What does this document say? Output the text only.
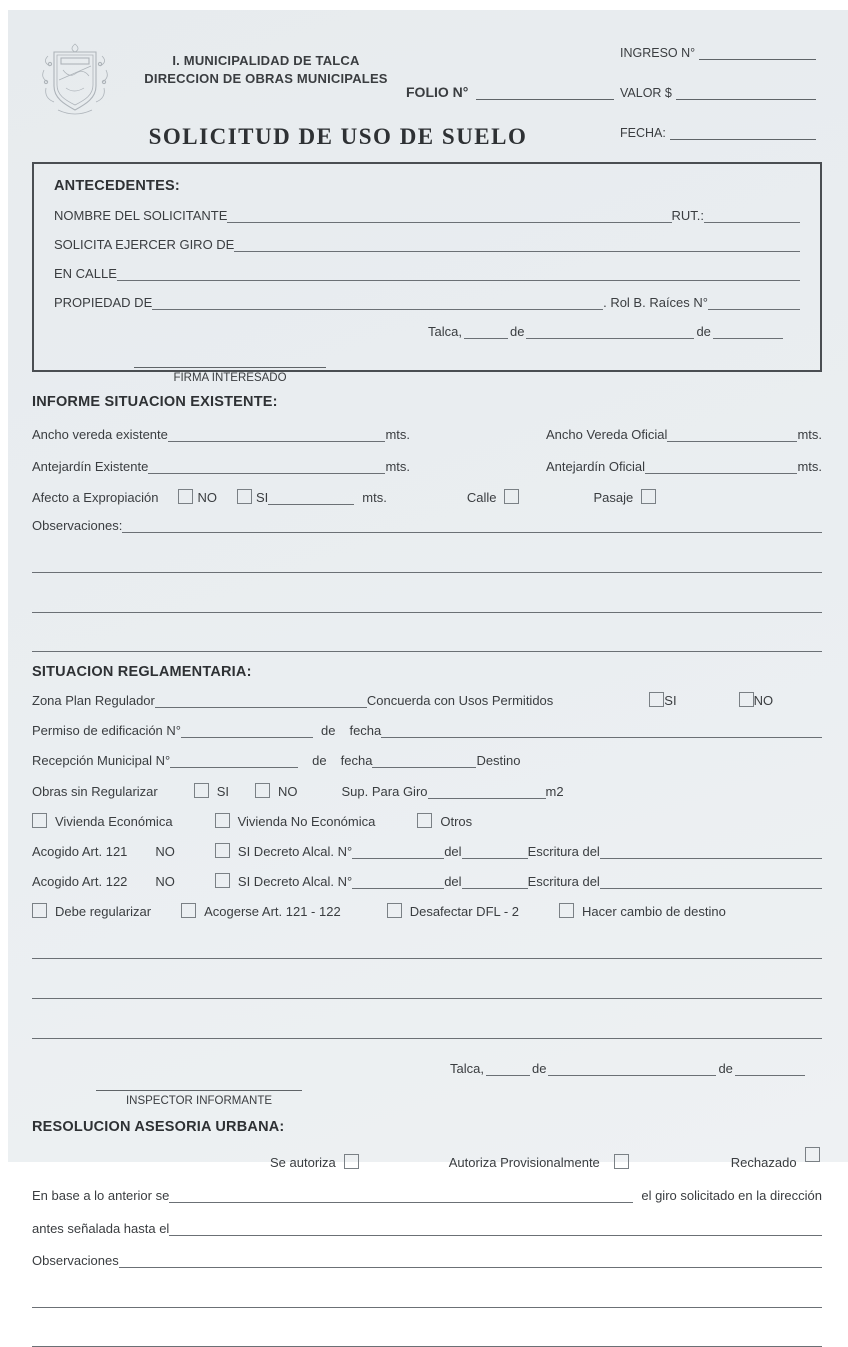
I. MUNICIPALIDAD DE TALCA
DIRECCION DE OBRAS MUNICIPALES
FOLIO N°
INGRESO N°
VALOR $
FECHA:
SOLICITUD DE USO DE SUELO
ANTECEDENTES:
NOMBRE DEL SOLICITANTE	RUT.:
SOLICITA EJERCER GIRO DE
EN CALLE
PROPIEDAD DE	. Rol B. Raíces N°
Talca,	de	de
FIRMA INTERESADO
INFORME SITUACION EXISTENTE:
Ancho vereda existente	mts.	Ancho Vereda Oficial	mts.
Antejardín Existente	mts.	Antejardín Oficial	mts.
Afecto a Expropiación	NO	SI	mts.	Calle	Pasaje
Observaciones:
SITUACION REGLAMENTARIA:
Zona Plan Regulador	Concuerda con Usos Permitidos	SI	NO
Permiso de edificación N°	de fecha
Recepción Municipal N°	de fecha	Destino
Obras sin Regularizar	SI	NO	Sup. Para Giro	m2
Vivienda Económica	Vivienda No Económica	Otros
Acogido Art. 121 NO	SI Decreto Alcal. N°	del	Escritura del
Acogido Art. 122 NO	SI Decreto Alcal. N°	del	Escritura del
Debe regularizar	Acogerse Art. 121 - 122	Desafectar DFL - 2	Hacer cambio de destino
Talca,	de	de
INSPECTOR INFORMANTE
RESOLUCION ASESORIA URBANA:
Se autoriza	Autoriza Provisionalmente	Rechazado
En base a lo anterior se	el giro solicitado en la dirección
antes señalada hasta el
Observaciones
